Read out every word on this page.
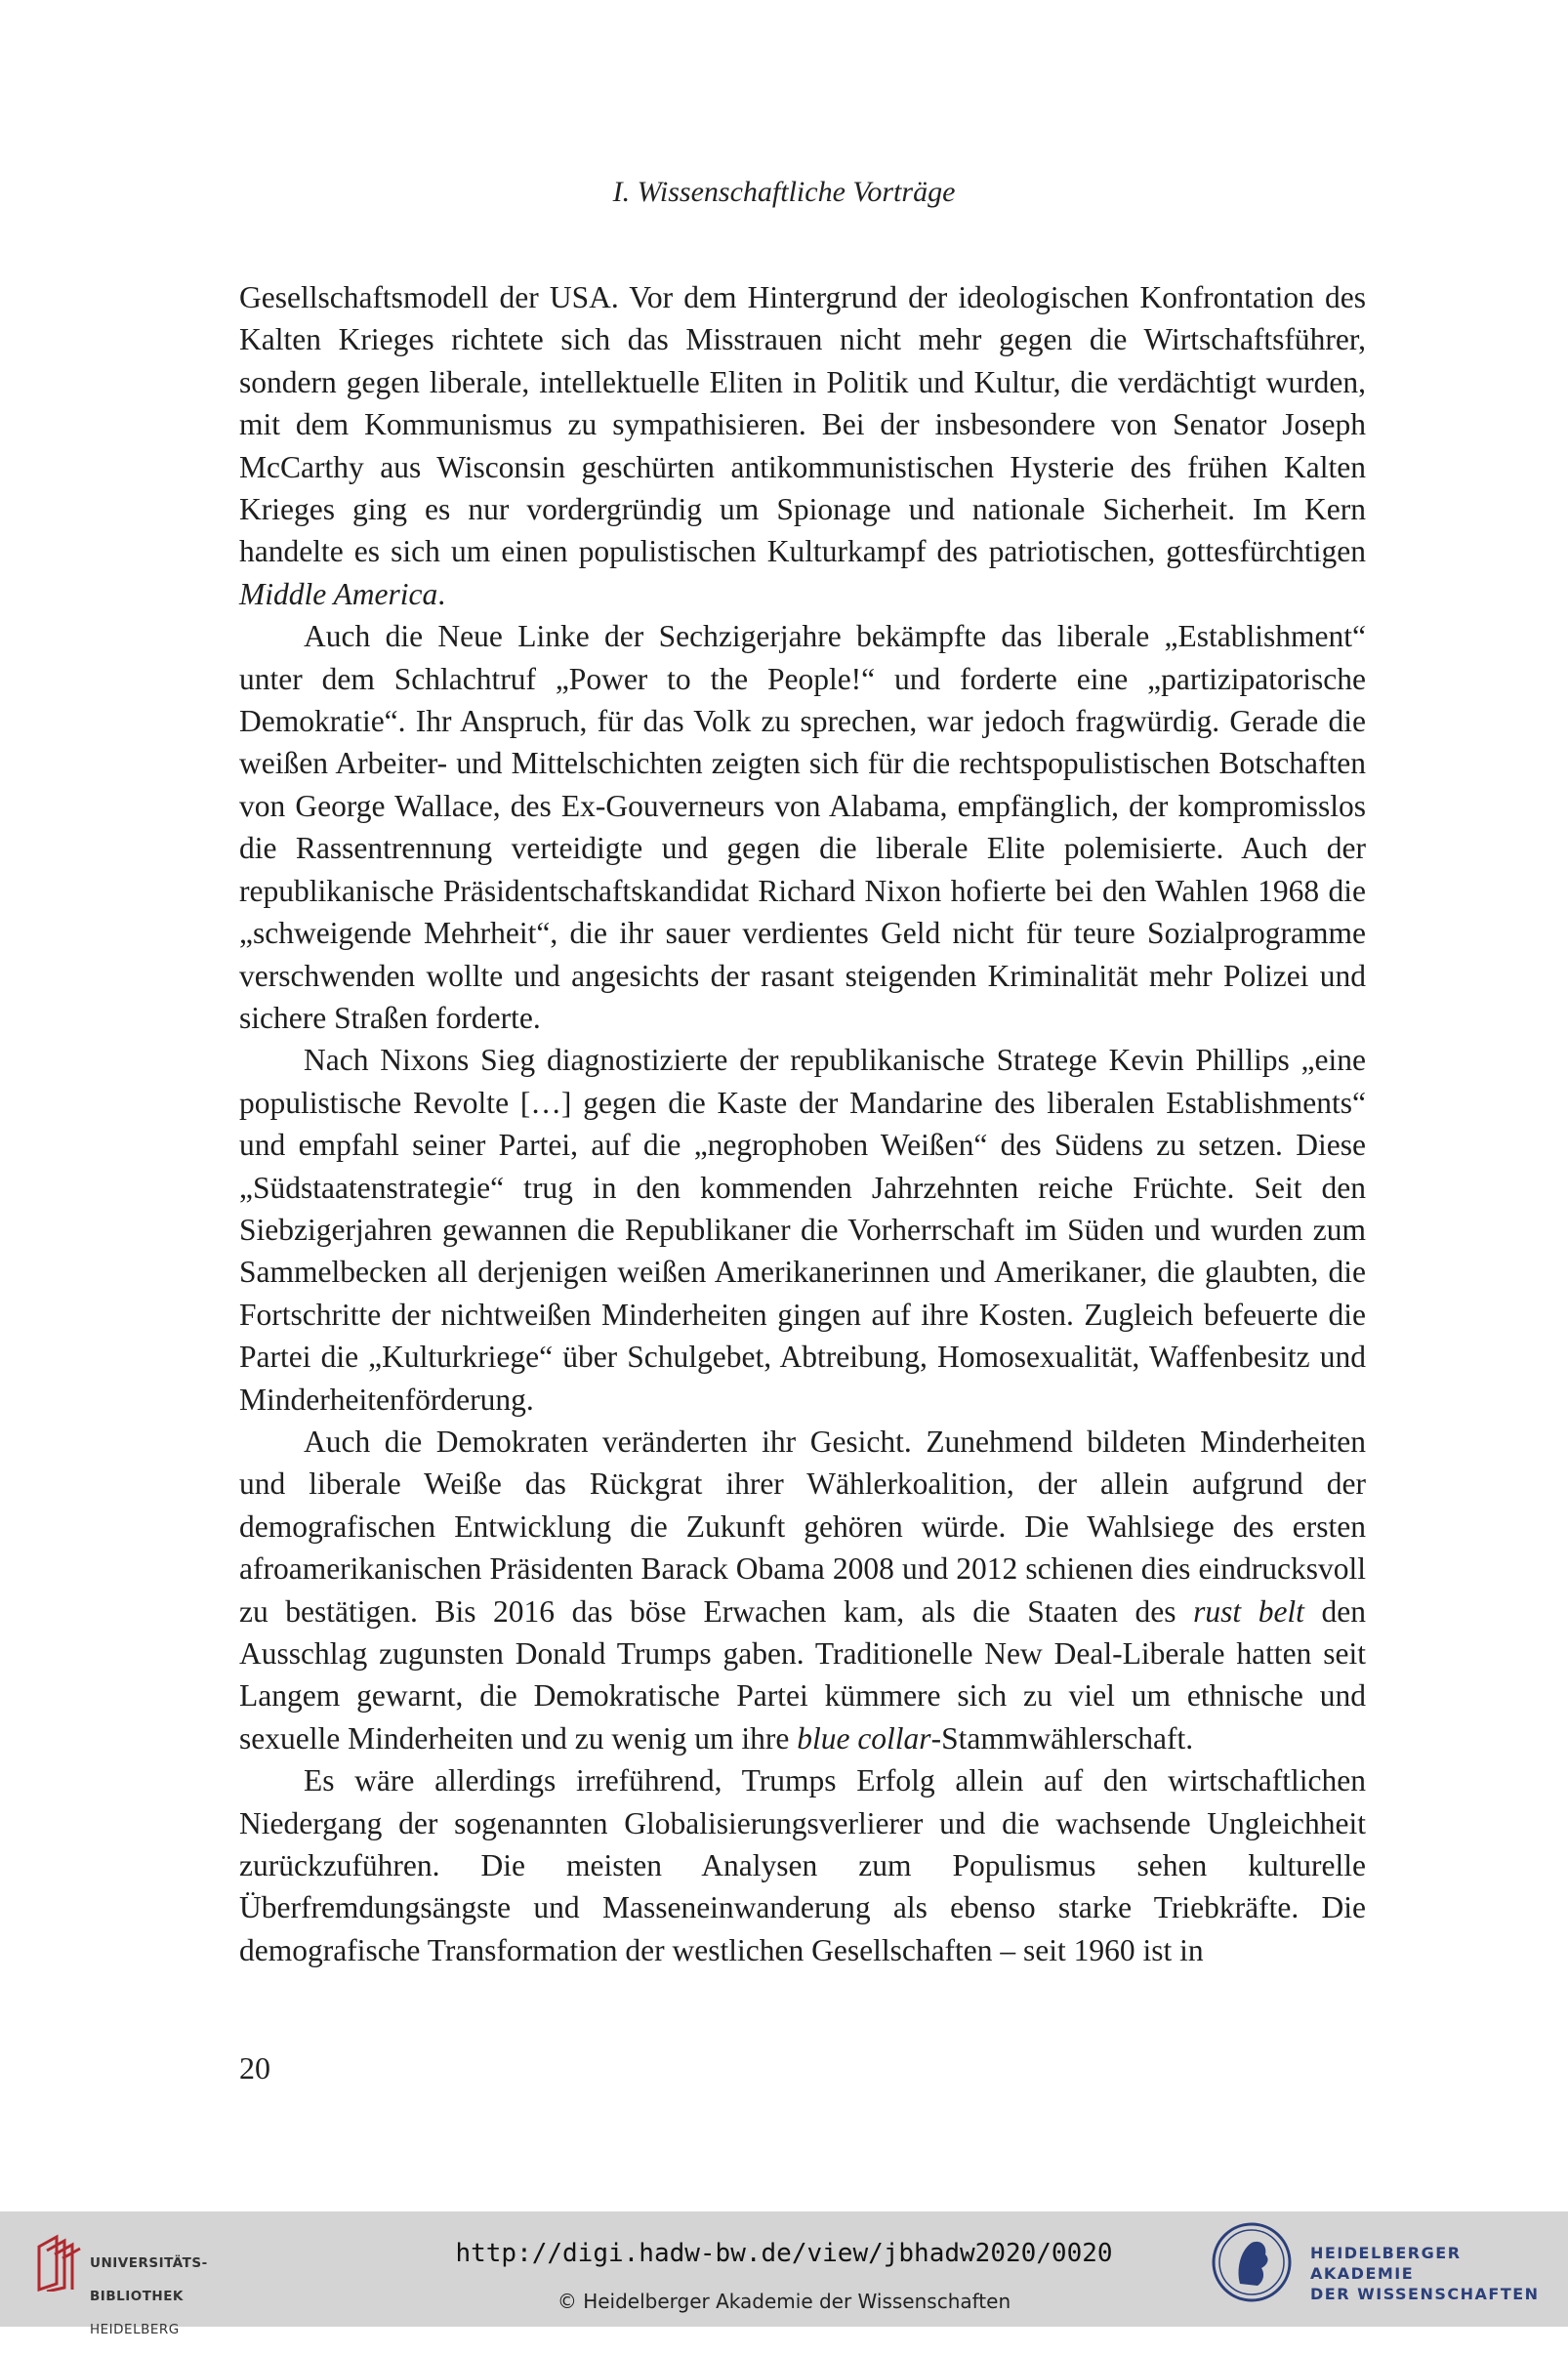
I. Wissenschaftliche Vorträge

Gesellschaftsmodell der USA. Vor dem Hintergrund der ideologischen Konfrontation des Kalten Krieges richtete sich das Misstrauen nicht mehr gegen die Wirtschaftsführer, sondern gegen liberale, intellektuelle Eliten in Politik und Kultur, die verdächtigt wurden, mit dem Kommunismus zu sympathisieren. Bei der insbesondere von Senator Joseph McCarthy aus Wisconsin geschürten antikommunistischen Hysterie des frühen Kalten Krieges ging es nur vordergründig um Spionage und nationale Sicherheit. Im Kern handelte es sich um einen populistischen Kulturkampf des patriotischen, gottesfürchtigen Middle America.

Auch die Neue Linke der Sechzigerjahre bekämpfte das liberale „Establishment“ unter dem Schlachtruf „Power to the People!“ und forderte eine „partizipatorische Demokratie“. Ihr Anspruch, für das Volk zu sprechen, war jedoch fragwürdig. Gerade die weißen Arbeiter- und Mittelschichten zeigten sich für die rechtspopulistischen Botschaften von George Wallace, des Ex-Gouverneurs von Alabama, empfänglich, der kompromisslos die Rassentrennung verteidigte und gegen die liberale Elite polemisierte. Auch der republikanische Präsidentschaftskandidat Richard Nixon hofierte bei den Wahlen 1968 die „schweigende Mehrheit“, die ihr sauer verdientes Geld nicht für teure Sozialprogramme verschwenden wollte und angesichts der rasant steigenden Kriminalität mehr Polizei und sichere Straßen forderte.

Nach Nixons Sieg diagnostizierte der republikanische Stratege Kevin Phillips „eine populistische Revolte […] gegen die Kaste der Mandarine des liberalen Establishments“ und empfahl seiner Partei, auf die „negrophoben Weißen“ des Südens zu setzen. Diese „Südstaatenstrategie“ trug in den kommenden Jahrzehnten reiche Früchte. Seit den Siebzigerjahren gewannen die Republikaner die Vorherrschaft im Süden und wurden zum Sammelbecken all derjenigen weißen Amerikanerinnen und Amerikaner, die glaubten, die Fortschritte der nichtweißen Minderheiten gingen auf ihre Kosten. Zugleich befeuerte die Partei die „Kulturkriege“ über Schulgebet, Abtreibung, Homosexualität, Waffenbesitz und Minderheitenförderung.

Auch die Demokraten veränderten ihr Gesicht. Zunehmend bildeten Minderheiten und liberale Weiße das Rückgrat ihrer Wählerkoalition, der allein aufgrund der demografischen Entwicklung die Zukunft gehören würde. Die Wahlsiege des ersten afroamerikanischen Präsidenten Barack Obama 2008 und 2012 schienen dies eindrucksvoll zu bestätigen. Bis 2016 das böse Erwachen kam, als die Staaten des rust belt den Ausschlag zugunsten Donald Trumps gaben. Traditionelle New Deal-Liberale hatten seit Langem gewarnt, die Demokratische Partei kümmere sich zu viel um ethnische und sexuelle Minderheiten und zu wenig um ihre blue collar-Stammwählerschaft.

Es wäre allerdings irreführend, Trumps Erfolg allein auf den wirtschaftlichen Niedergang der sogenannten Globalisierungsverlierer und die wachsende Ungleichheit zurückzuführen. Die meisten Analysen zum Populismus sehen kulturelle Überfremdungsängste und Masseneinwanderung als ebenso starke Triebkräfte. Die demografische Transformation der westlichen Gesellschaften – seit 1960 ist in

20

UNIVERSITÄTS-

BIBLIOTHEK

HEIDELBERG

http://digi.hadw-bw.de/view/jbhadw2020/0020
© Heidelberger Akademie der Wissenschaften
HEIDELBERGER AKADEMIE
DER WISSENSCHAFTEN
